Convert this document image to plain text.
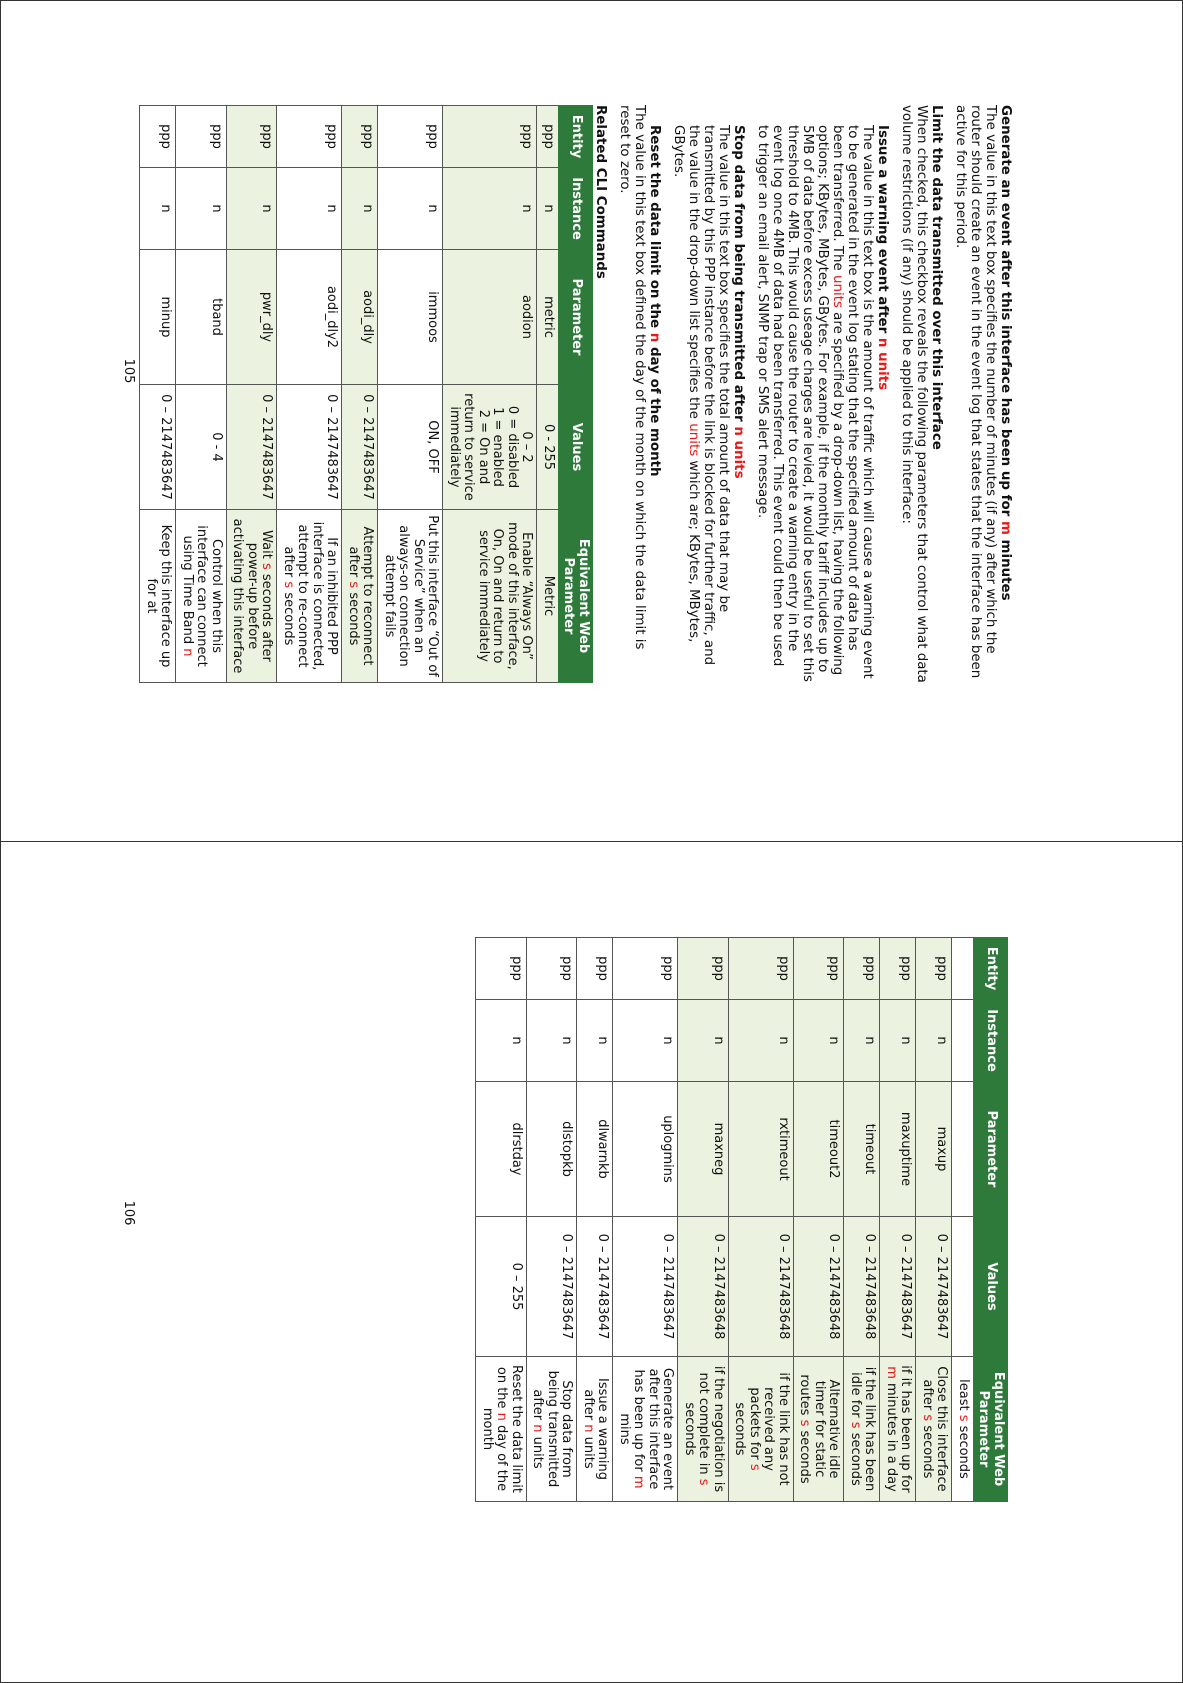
Generate an event after this interface has been up for m minutes

The value in this text box specifies the number of minutes (if any) after which the router should create an event in the event log that states that the interface has been active for this period.

Limit the data transmitted over this interface

When checked, this checkbox reveals the following parameters that control what data volume restrictions (if any) should be applied to this interface:

Issue a warning event after n units

The value in this text box is the amount of traffic which will cause a warning event to be generated in the event log stating that the specified amount of data has been transferred. The units are specified by a drop-down list, having the following options; KBytes, MBytes, GBytes. For example, if the monthly tariff includes up to 5MB of data before excess useage charges are levied, it would be useful to set this threshold to 4MB. This would cause the router to create a warning entry in the event log once 4MB of data had been transferred. This event could then be used to trigger an email alert, SNMP trap or SMS alert message.

Stop data from being transmitted after n units

The value in this text box specifies the total amount of data that may be transmitted by this PPP instance before the link is blocked for further traffic, and the value in the drop-down list specifies the units which are; KBytes, MBytes, GBytes.

Reset the data limit on the n day of the month

The value in this text box defined the day of the month on which the data limit is reset to zero.

Related CLI Commands

Entity	Instance	Parameter	Values	Equivalent Web Parameter
ppp	n	metric	0 - 255	Metric
ppp	n	aodion	0 – 2
0 = disabled
1 = enabled
2 = On and return to service immediately	Enable “Always On” mode of this interface, On, On and return to service immediately
ppp	n	immoos	ON, OFF	Put this interface “Out of Service” when an always-on connection attempt fails
ppp	n	aodi_dly	0 – 2147483647	Attempt to reconnect after s seconds
ppp	n	aodi_dly2	0 – 2147483647	If an inhibited PPP interface is connected, attempt to re-connect after s seconds
ppp	n	pwr_dly	0 – 2147483647	Wait s seconds after power-up before activating this interface
ppp	n	tband	0 - 4	Control when this interface can connect using Time Band n
ppp	n	minup	0 – 2147483647	Keep this interface up for at
105
Entity	Instance	Parameter	Values	Equivalent Web Parameter
				least s seconds
ppp	n	maxup	0 – 2147483647	Close this interface after s seconds
ppp	n	maxuptime	0 – 2147483647	if it has been up for m minutes in a day
ppp	n	timeout	0 – 2147483648	if the link has been idle for s seconds
ppp	n	timeout2	0 – 2147483648	Alternative idle timer for static routes s seconds
ppp	n	rxtimeout	0 – 2147483648	if the link has not received any packets for s seconds
ppp	n	maxneg	0 – 2147483648	if the negotiation is not complete in s seconds
ppp	n	uplogmins	0 – 2147483647	Generate an event after this interface has been up for m mins
ppp	n	dlwarnkb	0 – 2147483647	Issue a warning after n units
ppp	n	dlstopkb	0 – 2147483647	Stop data from being transmitted after n units
ppp	n	dlrstday	0 – 255	Reset the data limit on the n day of the month
106
